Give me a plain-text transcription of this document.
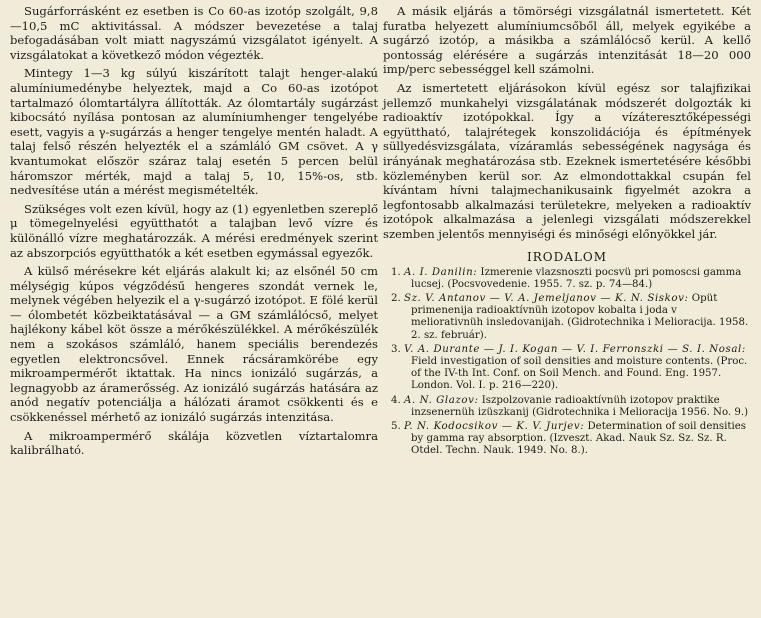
Sugárforrásként ez esetben is Co 60-as izotóp szolgált, 9,8—10,5 mC aktivitással. A módszer bevezetése a talaj befogadásában volt miatt nagyszámú vizsgálatot igényelt. A vizsgálatokat a következő módon végezték.

Mintegy 1—3 kg súlyú kiszárított talajt henger-alakú alumíniumedénybe helyeztek, majd a Co 60-as izotópot tartalmazó ólomtartályra állították. Az ólomtartály sugárzást kibocsátó nyílása pontosan az alumíniumhenger tengelyébe esett, vagyis a γ-sugárzás a henger tengelye mentén haladt. A talaj felső részén helyezték el a számláló GM csövet. A γ kvantumokat először száraz talaj esetén 5 percen belül háromszor mérték, majd a talaj 5, 10, 15%-os, stb. nedvesítése után a mérést megismételték.

Szükséges volt ezen kívül, hogy az (1) egyenletben szereplő μ tömegelnyelési együtthatót a talajban levő vízre és különálló vízre meghatározzák. A mérési eredmények szerint az abszorpciós együtthatók a két esetben egymással egyezők.

A külső mérésekre két eljárás alakult ki; az elsőnél 50 cm mélységig kúpos végződésű hengeres szondát vernek le, melynek végében helyezik el a γ-sugárzó izotópot. E fölé kerül — ólombetét közbeiktatásával — a GM számlálócső, melyet hajlékony kábel köt össze a mérőkészülékkel. A mérőkészülék nem a szokásos számláló, hanem speciális berendezés egyetlen elektroncsővel. Ennek rácsáramkörébe egy mikroampermérőt iktattak. Ha nincs ionizáló sugárzás, a legnagyobb az áramerősség. Az ionizáló sugárzás hatására az anód negatív potenciálja a hálózati áramot csökkenti és e csökkenéssel mérhető az ionizáló sugárzás intenzitása.

A mikroampermérő skálája közvetlen víztartalomra kalibrálható.

A másik eljárás a tömörségi vizsgálatnál ismertetett. Két furatba helyezett alumíniumcsőből áll, melyek egyikébe a sugárzó izotóp, a másikba a számlálócső kerül. A kellő pontosság elérésére a sugárzás intenzitását 18—20 000 imp/perc sebességgel kell számolni.

Az ismertetett eljárásokon kívül egész sor talajfizikai jellemző munkahelyi vizsgálatának módszerét dolgozták ki radioaktív izotópokkal. Így a vízáteresztőképességi együttható, talajrétegek konszolidációja és építmények süllyedésvizsgálata, vízáramlás sebességének nagysága és irányának meghatározása stb. Ezeknek ismertetésére későbbi közleményben kerül sor. Az elmondottakkal csupán fel kívántam hívni talajmechanikusaink figyelmét azokra a legfontosabb alkalmazási területekre, melyeken a radioaktív izotópok alkalmazása a jelenlegi vizsgálati módszerekkel szemben jelentős mennyiségi és minőségi előnyökkel jár.

IRODALOM
1. A. I. Danilin: Izmerenie vlazsnoszti pocsvü pri pomoscsi gamma lucsej. (Pocsvovedenie. 1955. 7. sz. p. 74—84.)
2. Sz. V. Antanov — V. A. Jemeljanov — K. N. Siskov: Opüt primenenija radioaktívnüh izotopov kobalta i joda v meliorativnüh insledovanijah. (Gidrotechnika i Melioracija. 1958. 2. sz. február).
3. V. A. Durante — J. I. Kogan — V. I. Ferronszki — S. I. Nosal: Field investigation of soil densities and moisture contents. (Proc. of the IV-th Int. Conf. on Soil Mench. and Found. Eng. 1957. London. Vol. I. p. 216—220).
4. A. N. Glazov: Iszpolzovanie radioaktívnüh izotopov praktike inzsenernüh izüszkanij (Gidrotechnika i Melioracija 1956. No. 9.)
5. P. N. Kodocsikov — K. V. Jurjev: Determination of soil densities by gamma ray absorption. (Izveszt. Akad. Nauk Sz. Sz. Sz. R. Otdel. Techn. Nauk. 1949. No. 8.).
